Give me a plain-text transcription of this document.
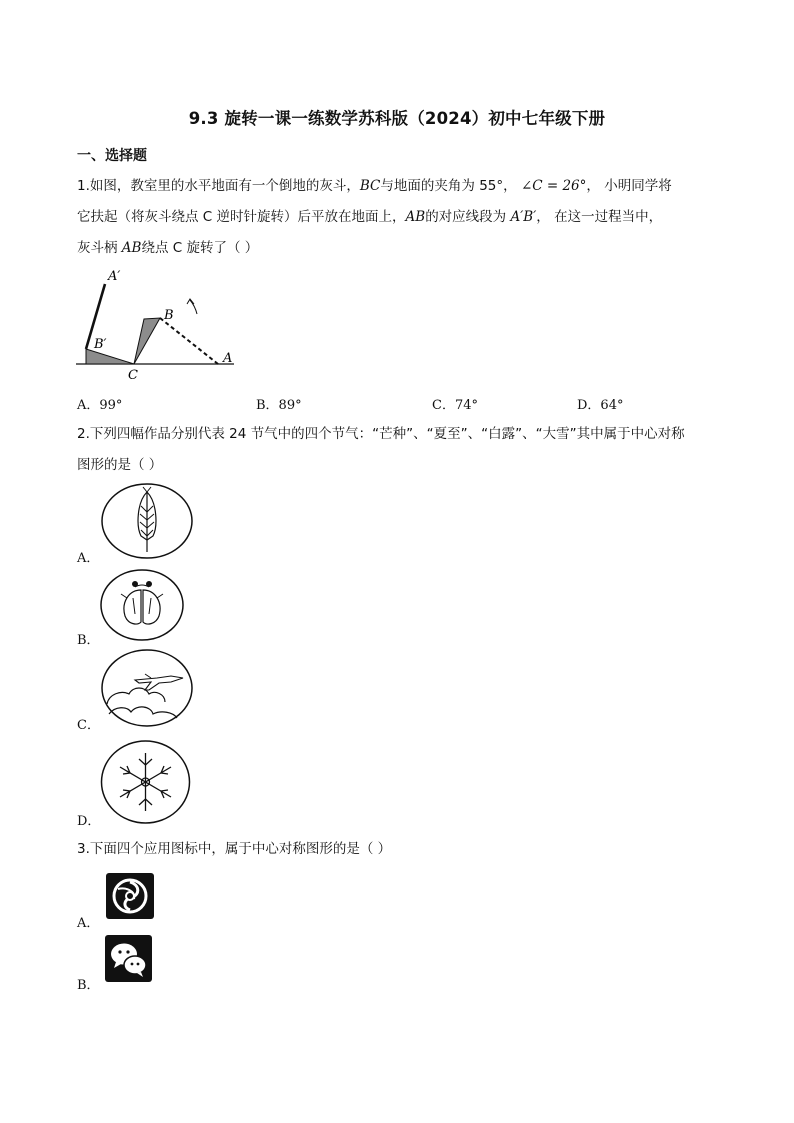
9.3 旋转一课一练数学苏科版（2024）初中七年级下册
一、选择题
1.如图，教室里的水平地面有一个倒地的灰斗，BC与地面的夹角为 55°， ∠C = 26°， 小明同学将
它扶起（将灰斗绕点 C 逆时针旋转）后平放在地面上，AB的对应线段为 A′B′， 在这一过程当中，
灰斗柄 AB绕点 C 旋转了（ ）
A′
B′
B
A
C
A．99°	B．89°	C．74°	D．64°
2.下列四幅作品分别代表 24 节气中的四个节气：“芒种”、“夏至”、“白露”、“大雪”其中属于中心对称
图形的是（ ）
A．
B．
C．
D．
3.下面四个应用图标中，属于中心对称图形的是（ ）
A．
B．
